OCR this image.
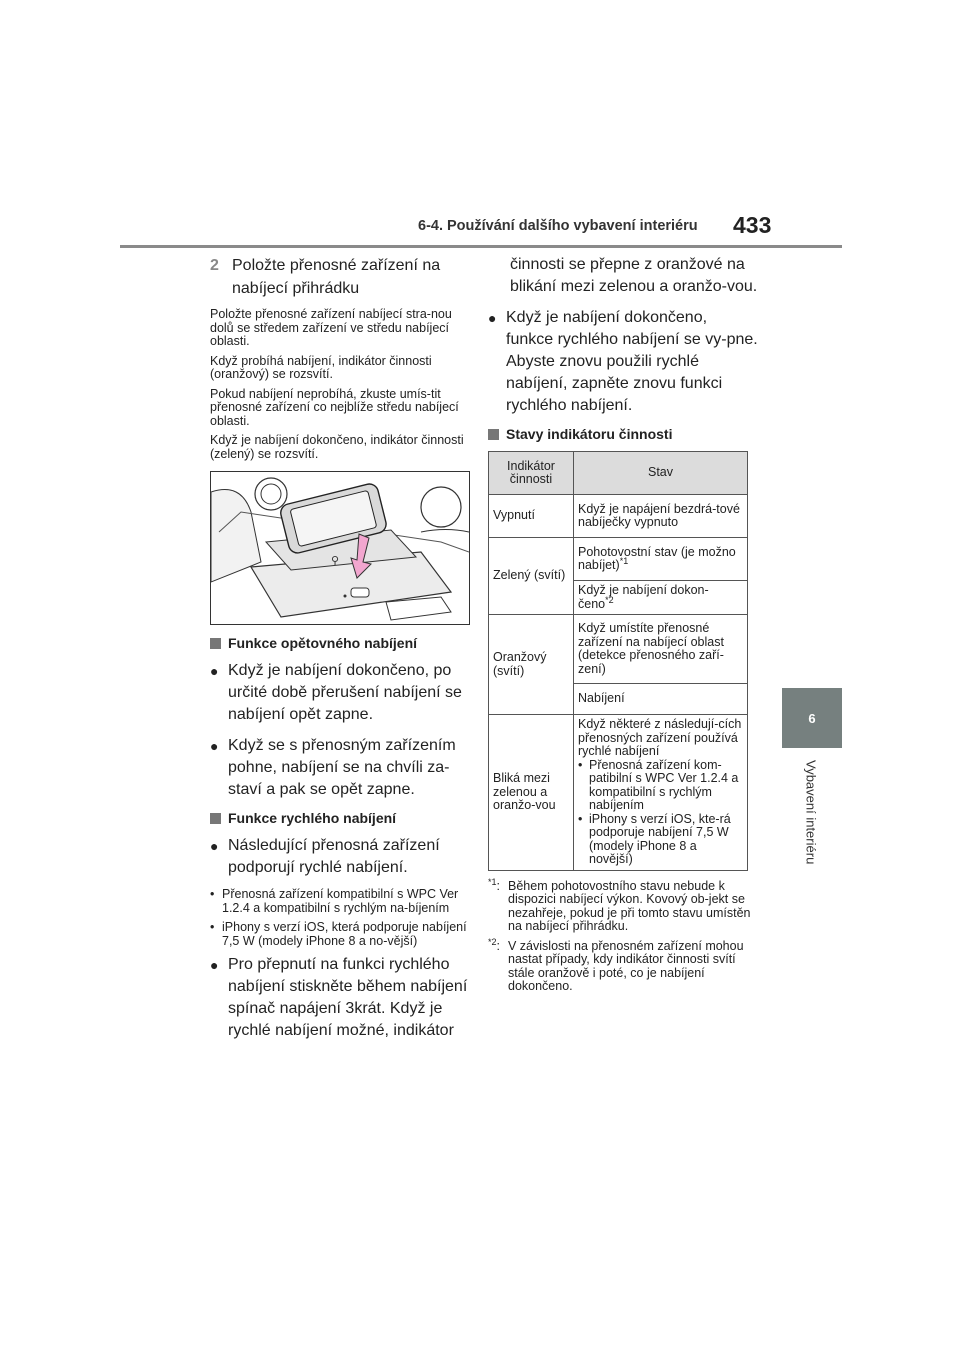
6-4. Používání dalšího vybavení interiéru 433
6
Vybavení interiéru
2 Položte přenosné zařízení na nabíjecí přihrádku

Položte přenosné zařízení nabíjecí stra-nou dolů se středem zařízení ve středu nabíjecí oblasti.

Když probíhá nabíjení, indikátor činnosti (oranžový) se rozsvítí.

Pokud nabíjení neprobíhá, zkuste umís-tit přenosné zařízení co nejblíže středu nabíjecí oblasti.

Když je nabíjení dokončeno, indikátor činnosti (zelený) se rozsvítí.

⚲
Funkce opětovného nabíjení
● Když je nabíjení dokončeno, po určité době přerušení nabíjení se nabíjení opět zapne.
● Když se s přenosným zařízením pohne, nabíjení se na chvíli za-staví a pak se opět zapne.
Funkce rychlého nabíjení
● Následující přenosná zařízení podporují rychlé nabíjení.
• Přenosná zařízení kompatibilní s WPC Ver 1.2.4 a kompatibilní s rychlým na-bíjením
• iPhony s verzí iOS, která podporuje nabíjení 7,5 W (modely iPhone 8 a no-vější)
● Pro přepnutí na funkci rychlého nabíjení stiskněte během nabíjení spínač napájení 3krát. Když je rychlé nabíjení možné, indikátor

činnosti se přepne z oranžové na blikání mezi zelenou a oranžo-vou.

● Když je nabíjení dokončeno, funkce rychlého nabíjení se vy-pne. Abyste znovu použili rychlé nabíjení, zapněte znovu funkci rychlého nabíjení.
Stavy indikátoru činnosti
Indikátor činnosti	Stav
Vypnutí	Když je napájení bezdrá-tové nabíječky vypnuto
Zelený (svítí)	Pohotovostní stav (je možno nabíjet)$^{*1}$
	Když je nabíjení dokon-čeno$^{*2}$
Oranžový (svítí)	Když umístíte přenosné zařízení na nabíjecí oblast (detekce přenosného zaří-zení)
	Nabíjení
Bliká mezi zelenou a oranžo-vou	Když některé z následují-cích přenosných zařízení používá rychlé nabíjení
• Přenosná zařízení kom-patibilní s WPC Ver 1.2.4 a kompatibilní s rychlým nabíjením
• iPhony s verzí iOS, kte-rá podporuje nabíjení 7,5 W (modely iPhone 8 a novější)
$^{*1}$: Během pohotovostního stavu nebude k dispozici nabíjecí výkon. Kovový ob-jekt se nezahřeje, pokud je při tomto stavu umístěn na nabíjecí přihrádku.
$^{*2}$: V závislosti na přenosném zařízení mohou nastat případy, kdy indikátor činnosti svítí stále oranžově i poté, co je nabíjení dokončeno.
